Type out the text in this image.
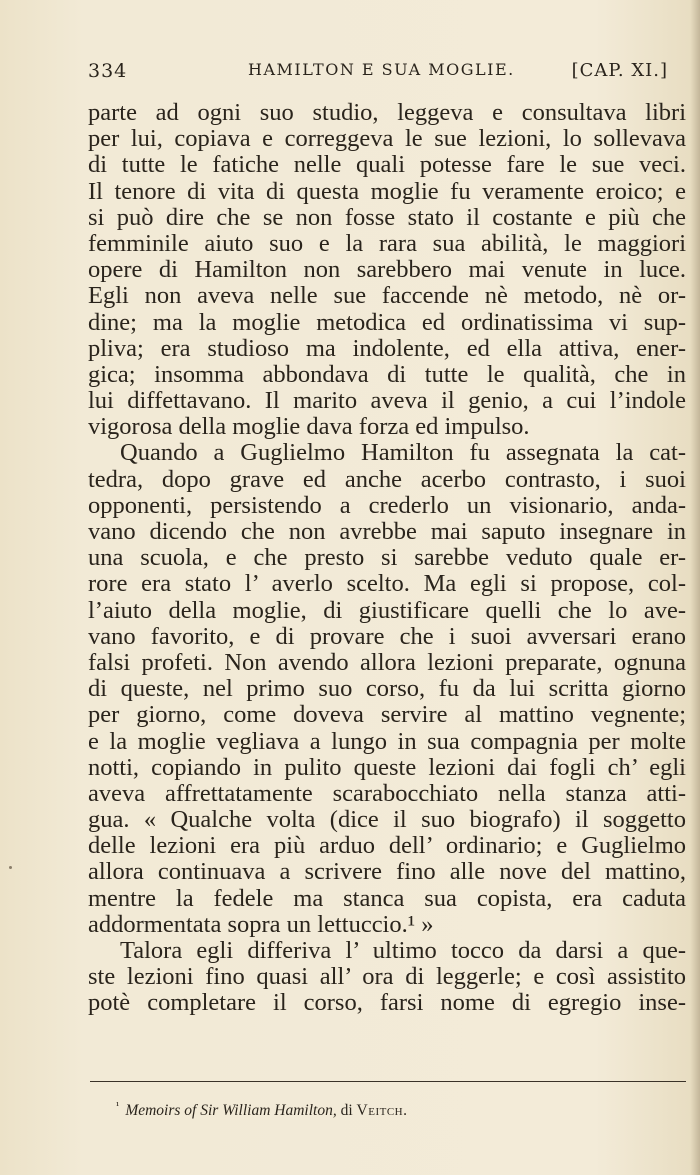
334	HAMILTON E SUA MOGLIE.	[CAP. XI.]
parte ad ogni suo studio, leggeva e consultava libri
per lui, copiava e correggeva le sue lezioni, lo sollevava
di tutte le fatiche nelle quali potesse fare le sue veci.
Il tenore di vita di questa moglie fu veramente eroico; e
si può dire che se non fosse stato il costante e più che
femminile aiuto suo e la rara sua abilità, le maggiori
opere di Hamilton non sarebbero mai venute in luce.
Egli non aveva nelle sue faccende nè metodo, nè or-
dine; ma la moglie metodica ed ordinatissima vi sup-
pliva; era studioso ma indolente, ed ella attiva, ener-
gica; insomma abbondava di tutte le qualità, che in
lui diffettavano. Il marito aveva il genio, a cui l’indole
vigorosa della moglie dava forza ed impulso.
Quando a Guglielmo Hamilton fu assegnata la cat-
tedra, dopo grave ed anche acerbo contrasto, i suoi
opponenti, persistendo a crederlo un visionario, anda-
vano dicendo che non avrebbe mai saputo insegnare in
una scuola, e che presto si sarebbe veduto quale er-
rore era stato l’ averlo scelto. Ma egli si propose, col-
l’aiuto della moglie, di giustificare quelli che lo ave-
vano favorito, e di provare che i suoi avversari erano
falsi profeti. Non avendo allora lezioni preparate, ognuna
di queste, nel primo suo corso, fu da lui scritta giorno
per giorno, come doveva servire al mattino vegnente;
e la moglie vegliava a lungo in sua compagnia per molte
notti, copiando in pulito queste lezioni dai fogli ch’ egli
aveva affrettatamente scarabocchiato nella stanza atti-
gua. « Qualche volta (dice il suo biografo) il soggetto
delle lezioni era più arduo dell’ ordinario; e Guglielmo
allora continuava a scrivere fino alle nove del mattino,
mentre la fedele ma stanca sua copista, era caduta
addormentata sopra un lettuccio.¹ »
Talora egli differiva l’ ultimo tocco da darsi a que-
ste lezioni fino quasi all’ ora di leggerle; e così assistito
potè completare il corso, farsi nome di egregio inse-
$^{^1}$ Memoirs of Sir William Hamilton, di Veitch.
